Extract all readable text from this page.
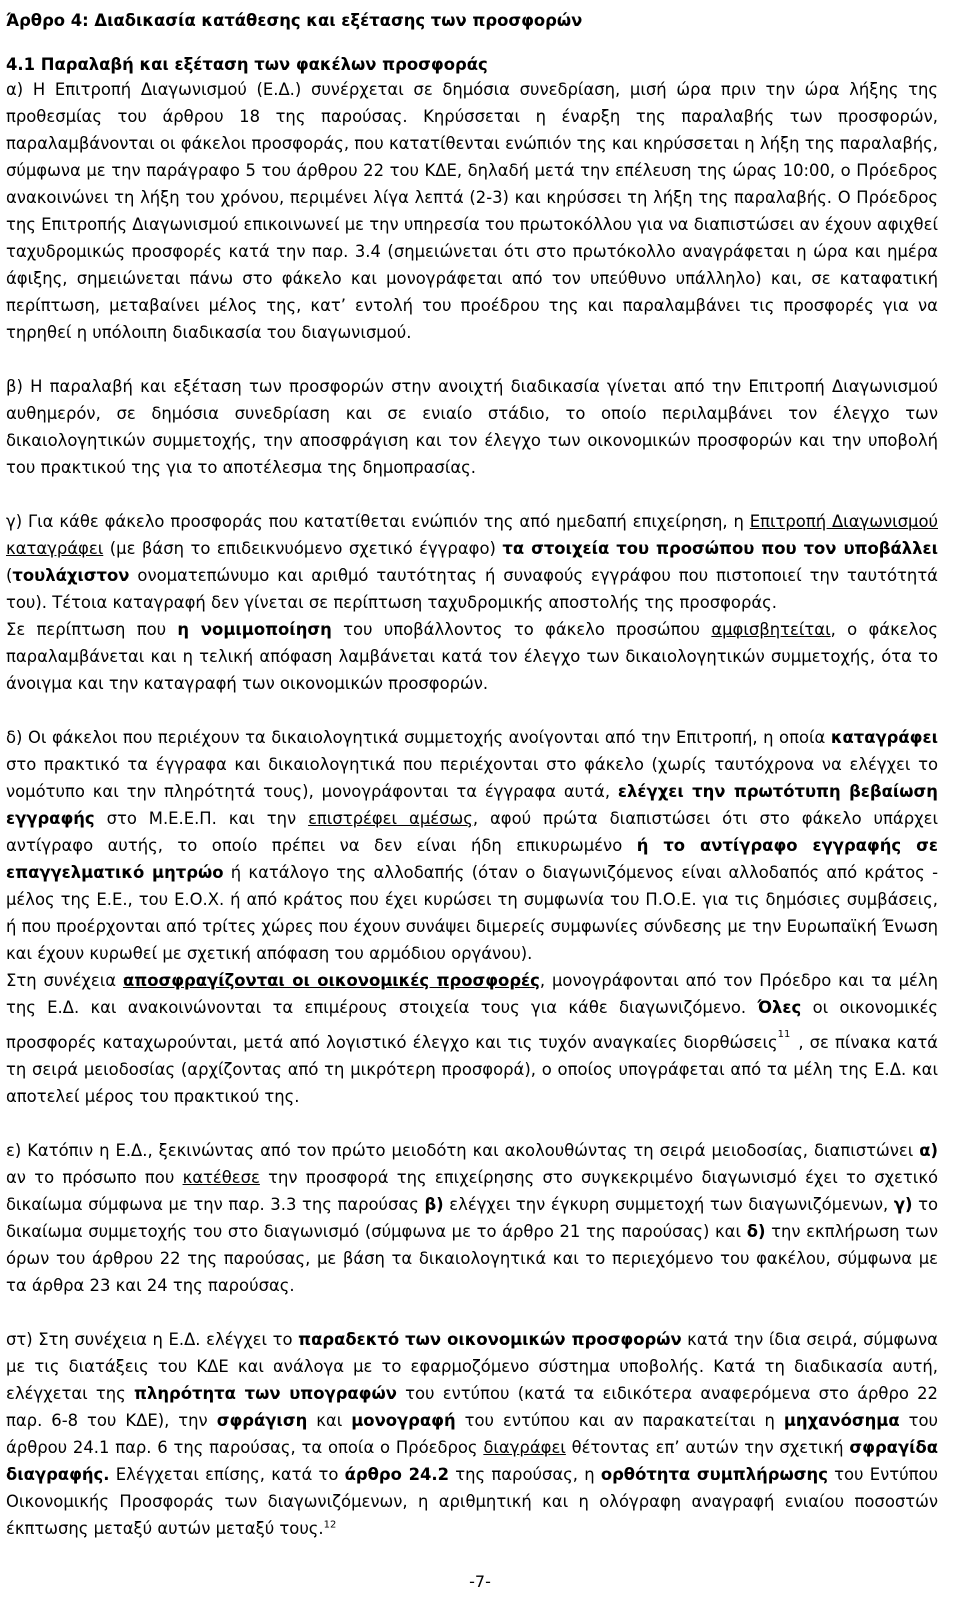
Άρθρο 4: Διαδικασία κατάθεσης και εξέτασης των προσφορών

4.1 Παραλαβή και εξέταση των φακέλων προσφοράς

α) Η Επιτροπή Διαγωνισμού (Ε.Δ.) συνέρχεται σε δημόσια συνεδρίαση, μισή ώρα πριν την ώρα λήξης της προθεσμίας του άρθρου 18 της παρούσας. Κηρύσσεται η έναρξη της παραλαβής των προσφορών, παραλαμβάνονται οι φάκελοι προσφοράς, που κατατίθενται ενώπιόν της και κηρύσσεται η λήξη της παραλαβής, σύμφωνα με την παράγραφο 5 του άρθρου 22 του ΚΔΕ, δηλαδή μετά την επέλευση της ώρας 10:00, ο Πρόεδρος ανακοινώνει τη λήξη του χρόνου, περιμένει λίγα λεπτά (2-3) και κηρύσσει τη λήξη της παραλαβής. Ο Πρόεδρος της Επιτροπής Διαγωνισμού επικοινωνεί με την υπηρεσία του πρωτοκόλλου για να διαπιστώσει αν έχουν αφιχθεί ταχυδρομικώς προσφορές κατά την παρ. 3.4 (σημειώνεται ότι στο πρωτόκολλο αναγράφεται η ώρα και ημέρα άφιξης, σημειώνεται πάνω στο φάκελο και μονογράφεται από τον υπεύθυνο υπάλληλο) και, σε καταφατική περίπτωση, μεταβαίνει μέλος της, κατ’ εντολή του προέδρου της και παραλαμβάνει τις προσφορές για να τηρηθεί η υπόλοιπη διαδικασία του διαγωνισμού.

β) Η παραλαβή και εξέταση των προσφορών στην ανοιχτή διαδικασία γίνεται από την Επιτροπή Διαγωνισμού αυθημερόν, σε δημόσια συνεδρίαση και σε ενιαίο στάδιο, το οποίο περιλαμβάνει τον έλεγχο των δικαιολογητικών συμμετοχής, την αποσφράγιση και τον έλεγχο των οικονομικών προσφορών και την υποβολή του πρακτικού της για το αποτέλεσμα της δημοπρασίας.

γ) Για κάθε φάκελο προσφοράς που κατατίθεται ενώπιόν της από ημεδαπή επιχείρηση, η Επιτροπή Διαγωνισμού καταγράφει (με βάση το επιδεικνυόμενο σχετικό έγγραφο) τα στοιχεία του προσώπου που τον υποβάλλει (τουλάχιστον ονοματεπώνυμο και αριθμό ταυτότητας ή συναφούς εγγράφου που πιστοποιεί την ταυτότητά του). Τέτοια καταγραφή δεν γίνεται σε περίπτωση ταχυδρομικής αποστολής της προσφοράς.

Σε περίπτωση που η νομιμοποίηση του υποβάλλοντος το φάκελο προσώπου αμφισβητείται, ο φάκελος παραλαμβάνεται και η τελική απόφαση λαμβάνεται κατά τον έλεγχο των δικαιολογητικών συμμετοχής, ότα το άνοιγμα και την καταγραφή των οικονομικών προσφορών.

δ) Οι φάκελοι που περιέχουν τα δικαιολογητικά συμμετοχής ανοίγονται από την Επιτροπή, η οποία καταγράφει στο πρακτικό τα έγγραφα και δικαιολογητικά που περιέχονται στο φάκελο (χωρίς ταυτόχρονα να ελέγχει το νομότυπο και την πληρότητά τους), μονογράφονται τα έγγραφα αυτά, ελέγχει την πρωτότυπη βεβαίωση εγγραφής στο Μ.Ε.Ε.Π. και την επιστρέφει αμέσως, αφού πρώτα διαπιστώσει ότι στο φάκελο υπάρχει αντίγραφο αυτής, το οποίο πρέπει να δεν είναι ήδη επικυρωμένο ή το αντίγραφο εγγραφής σε επαγγελματικό μητρώο ή κατάλογο της αλλοδαπής (όταν ο διαγωνιζόμενος είναι αλλοδαπός από κράτος - μέλος της Ε.Ε., του Ε.Ο.Χ. ή από κράτος που έχει κυρώσει τη συμφωνία του Π.Ο.Ε. για τις δημόσιες συμβάσεις, ή που προέρχονται από τρίτες χώρες που έχουν συνάψει διμερείς συμφωνίες σύνδεσης με την Ευρωπαϊκή Ένωση και έχουν κυρωθεί με σχετική απόφαση του αρμόδιου οργάνου).

Στη συνέχεια αποσφραγίζονται οι οικονομικές προσφορές, μονογράφονται από τον Πρόεδρο και τα μέλη της Ε.Δ. και ανακοινώνονται τα επιμέρους στοιχεία τους για κάθε διαγωνιζόμενο. Όλες οι οικονομικές προσφορές καταχωρούνται, μετά από λογιστικό έλεγχο και τις τυχόν αναγκαίες διορθώσεις$^{11}$ , σε πίνακα κατά τη σειρά μειοδοσίας (αρχίζοντας από τη μικρότερη προσφορά), ο οποίος υπογράφεται από τα μέλη της Ε.Δ. και αποτελεί μέρος του πρακτικού της.

ε) Κατόπιν η Ε.Δ., ξεκινώντας από τον πρώτο μειοδότη και ακολουθώντας τη σειρά μειοδοσίας, διαπιστώνει α) αν το πρόσωπο που κατέθεσε την προσφορά της επιχείρησης στο συγκεκριμένο διαγωνισμό έχει το σχετικό δικαίωμα σύμφωνα με την παρ. 3.3 της παρούσας β) ελέγχει την έγκυρη συμμετοχή των διαγωνιζόμενων, γ) το δικαίωμα συμμετοχής του στο διαγωνισμό (σύμφωνα με το άρθρο 21 της παρούσας) και δ) την εκπλήρωση των όρων του άρθρου 22 της παρούσας, με βάση τα δικαιολογητικά και το περιεχόμενο του φακέλου, σύμφωνα με τα άρθρα 23 και 24 της παρούσας.

στ) Στη συνέχεια η Ε.Δ. ελέγχει το παραδεκτό των οικονομικών προσφορών κατά την ίδια σειρά, σύμφωνα με τις διατάξεις του ΚΔΕ και ανάλογα με το εφαρμοζόμενο σύστημα υποβολής. Κατά τη διαδικασία αυτή, ελέγχεται της πληρότητα των υπογραφών του εντύπου (κατά τα ειδικότερα αναφερόμενα στο άρθρο 22 παρ. 6-8 του ΚΔΕ), την σφράγιση και μονογραφή του εντύπου και αν παρακατείται η μηχανόσημα του άρθρου 24.1 παρ. 6 της παρούσας, τα οποία ο Πρόεδρος διαγράφει θέτοντας επ’ αυτών την σχετική σφραγίδα διαγραφής. Ελέγχεται επίσης, κατά το άρθρο 24.2 της παρούσας, η ορθότητα συμπλήρωσης του Εντύπου Οικονομικής Προσφοράς των διαγωνιζόμενων, η αριθμητική και η ολόγραφη αναγραφή ενιαίου ποσοστών έκπτωσης μεταξύ αυτών μεταξύ τους.$^{12}$

-7-
